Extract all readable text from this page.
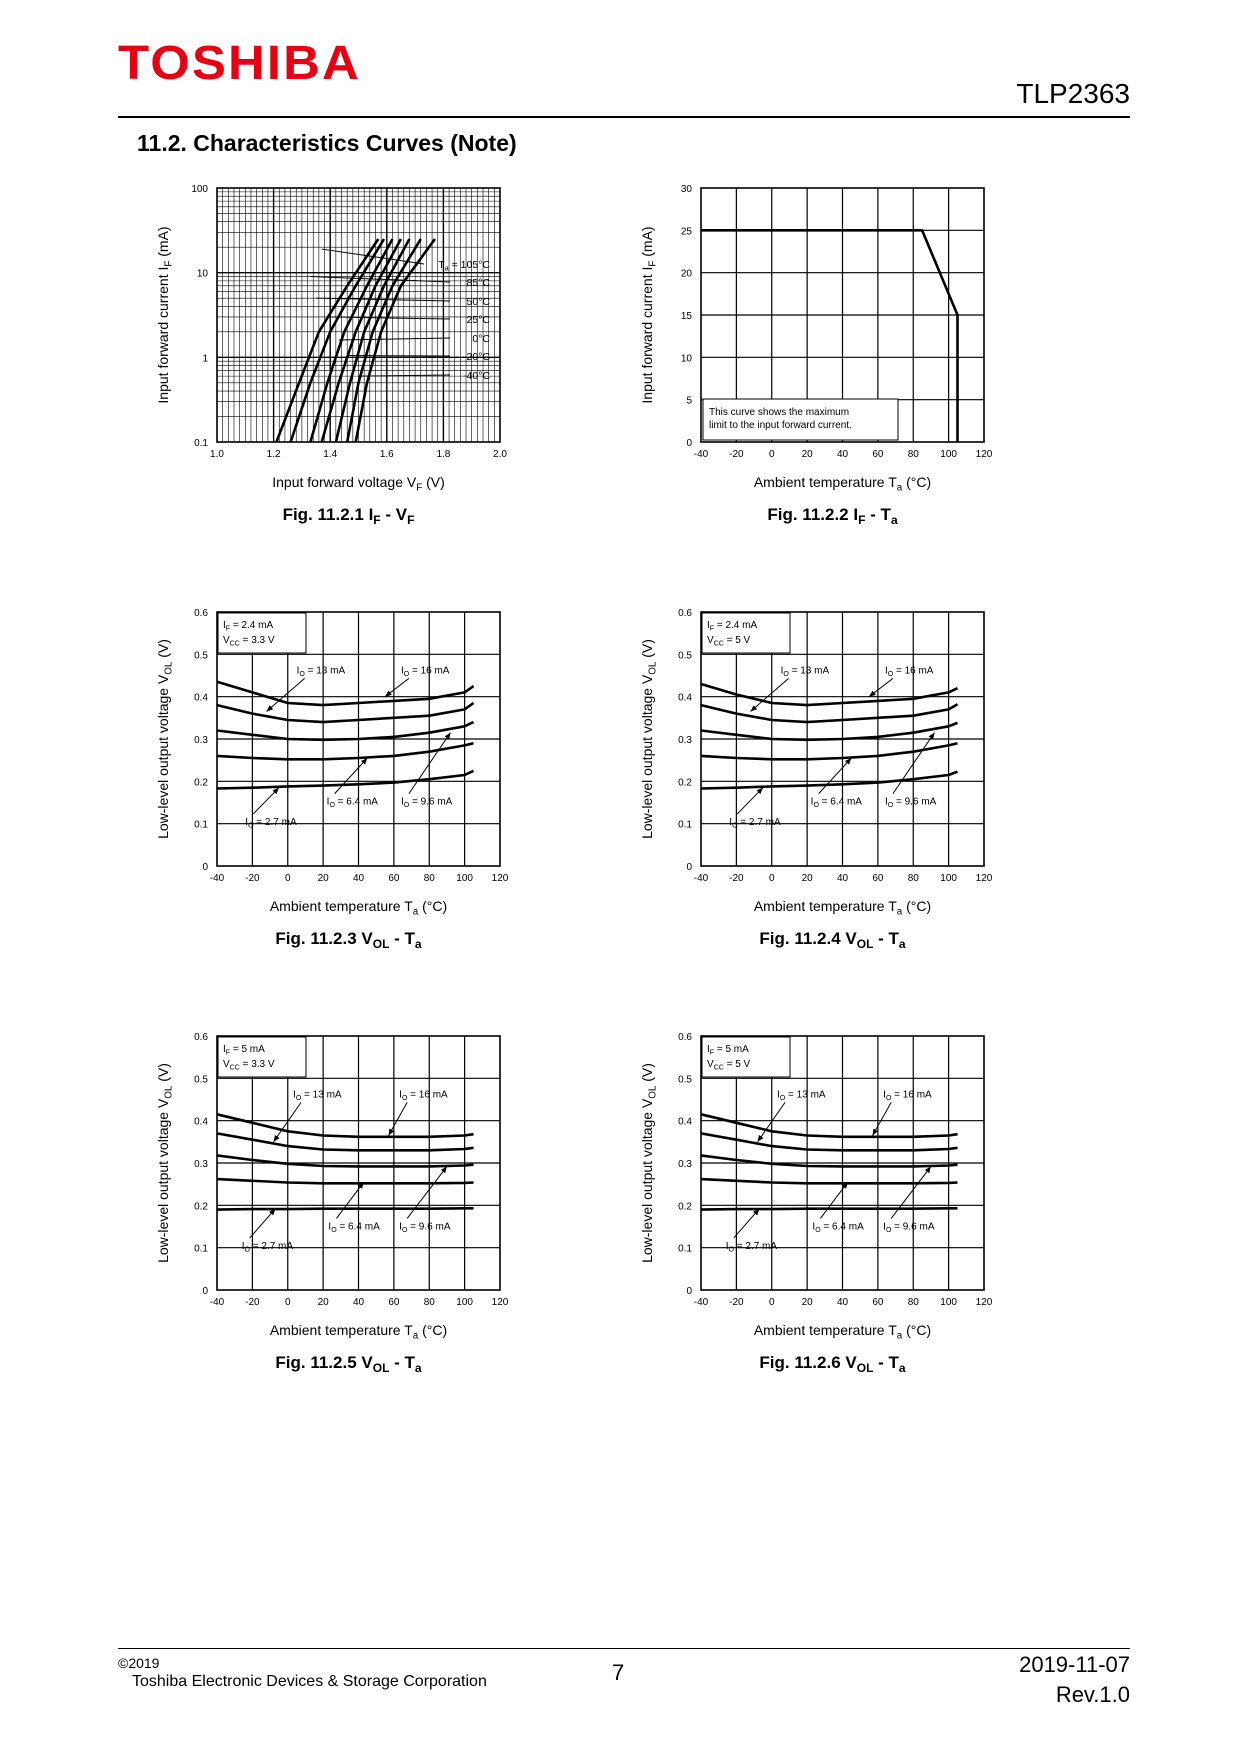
TOSHIBA
TLP2363
11.2. Characteristics Curves (Note)
1.0	1.2	1.4	1.6	1.8	2.0
0.1
1
10
100
Input forward voltage $V_F$ (V)
Input forward current $I_F$ (mA)
Fig. 11.2.1 $I_F - V_F$
$T_a = 105^\circ C$
85°C
50°C
25°C
0°C
-20°C
-40°C
-40 -20	0	20 40 60 80 100 120
0
5
10
15
20
25
30
Ambient temperature $T_a$ (°C)
Input forward current $I_F$ (mA)
Fig. 11.2.2 $I_F - T_a$
This curve shows the maximum
limit to the input forward current.
-40 -20	0	20 40 60 80 100 120
0
0.1
0.2
0.3
0.4
0.5
0.6
Ambient temperature $T_a$ (°C)
Low-level output voltage $V_{OL}$ (V)
Fig. 11.2.3 $V_{OL} - T_a$
$I_F = 2.4$ mA
$V_{CC} = 3.3$ V
$I_O = 13$ mA	$I_O = 16$ mA
$I_O = 6.4$ mA $I_O = 9.6$ mA
$I_O = 2.7$ mA
-40 -20	0	20 40 60 80 100 120
0
0.1
0.2
0.3
0.4
0.5
0.6
Ambient temperature $T_a$ (°C)
Low-level output voltage $V_{OL}$ (V)
Fig. 11.2.4 $V_{OL} - T_a$
$I_F = 2.4$ mA
$V_{CC} = 5$ V
$I_O = 13$ mA	$I_O = 16$ mA
$I_O = 6.4$ mA $I_O = 9.6$ mA
$I_O = 2.7$ mA
-40 -20	0	20 40 60 80 100 120
0
0.1
0.2
0.3
0.4
0.5
0.6
Ambient temperature $T_a$ (°C)
Low-level output voltage $V_{OL}$ (V)
Fig. 11.2.5 $V_{OL} - T_a$
$I_F = 5$ mA
$V_{CC} = 3.3$ V
$I_O = 13$ mA	$I_O = 16$ mA
$I_O = 6.4$ mA $I_O = 9.6$ mA
$I_O = 2.7$ mA
-40 -20	0	20 40 60 80 100 120
0
0.1
0.2
0.3
0.4
0.5
0.6
Ambient temperature $T_a$ (°C)
Low-level output voltage $V_{OL}$ (V)
Fig. 11.2.6 $V_{OL} - T_a$
$I_F = 5$ mA
$V_{CC} = 5$ V
$I_O = 13$ mA	$I_O = 16$ mA
$I_O = 6.4$ mA $I_O = 9.6$ mA
$I_O = 2.7$ mA
©2019
Toshiba Electronic Devices & Storage Corporation	7	2019-11-07
Rev.1.0
